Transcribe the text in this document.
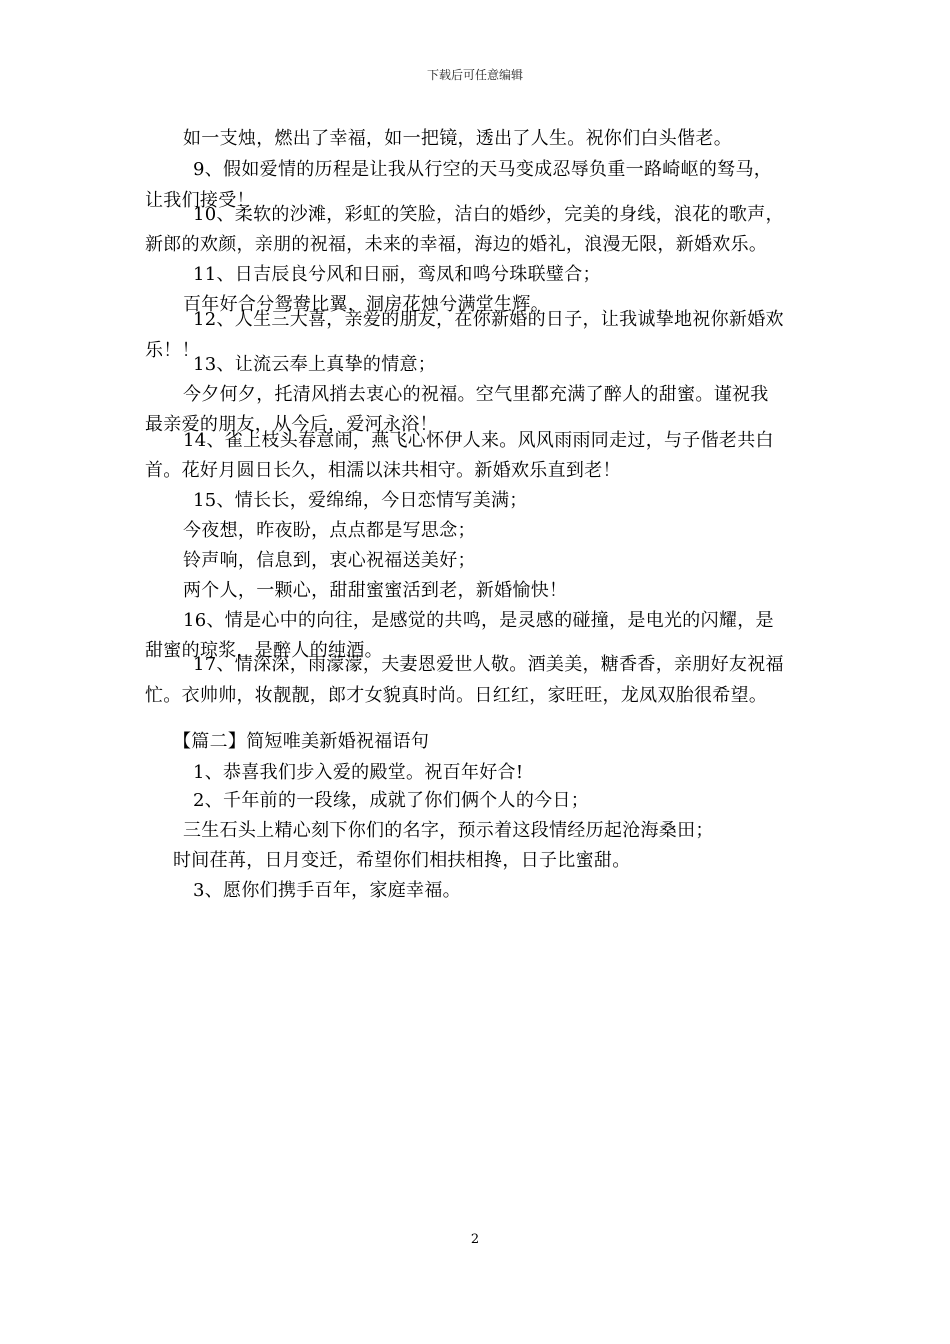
下载后可任意编辑
如一支烛，燃出了幸福，如一把镜，透出了人生。祝你们白头偕老。
9、假如爱情的历程是让我从行空的天马变成忍辱负重一路崎岖的驽马，
让我们接受！
10、柔软的沙滩，彩虹的笑脸，洁白的婚纱，完美的身线，浪花的歌声，
新郎的欢颜，亲朋的祝福，未来的幸福，海边的婚礼，浪漫无限，新婚欢乐。
11、日吉辰良兮风和日丽，鸾凤和鸣兮珠联璧合；
百年好合兮鸳鸯比翼，洞房花烛兮满堂生辉。
12、人生三大喜，亲爱的朋友，在你新婚的日子，让我诚挚地祝你新婚欢
乐！！
13、让流云奉上真挚的情意；
今夕何夕，托清风捎去衷心的祝福。空气里都充满了醉人的甜蜜。谨祝我
最亲爱的朋友，从今后，爱河永浴！
14、雀上枝头春意闹，燕飞心怀伊人来。风风雨雨同走过，与子偕老共白
首。花好月圆日长久，相濡以沫共相守。新婚欢乐直到老！
15、情长长，爱绵绵，今日恋情写美满；
今夜想，昨夜盼，点点都是写思念；
铃声响，信息到，衷心祝福送美好；
两个人，一颗心，甜甜蜜蜜活到老，新婚愉快！
16、情是心中的向往，是感觉的共鸣，是灵感的碰撞，是电光的闪耀，是
甜蜜的琼浆，是醉人的纯酒。
17、情深深，雨濛濛，夫妻恩爱世人敬。酒美美，糖香香，亲朋好友祝福
忙。衣帅帅，妆靓靓，郎才女貌真时尚。日红红，家旺旺，龙凤双胎很希望。
【篇二】简短唯美新婚祝福语句
1、恭喜我们步入爱的殿堂。祝百年好合!
2、千年前的一段缘，成就了你们俩个人的今日；
三生石头上精心刻下你们的名字，预示着这段情经历起沧海桑田；
时间荏苒，日月变迁，希望你们相扶相搀，日子比蜜甜。
3、愿你们携手百年，家庭幸福。
2
